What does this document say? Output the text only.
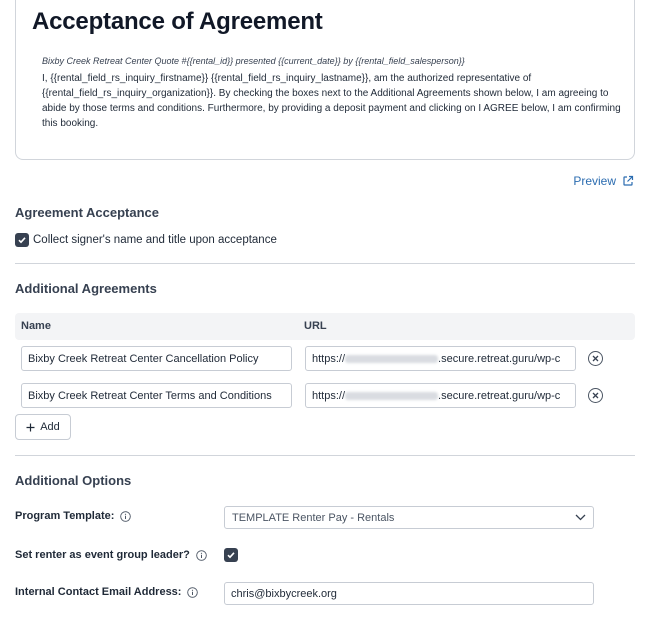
Acceptance of Agreement
Bixby Creek Retreat Center Quote #{{rental_id}} presented {{current_date}} by {{rental_field_salesperson}}
I, {{rental_field_rs_inquiry_firstname}} {{rental_field_rs_inquiry_lastname}}, am the authorized representative of {{rental_field_rs_inquiry_organization}}. By checking the boxes next to the Additional Agreements shown below, I am agreeing to abide by those terms and conditions. Furthermore, by providing a deposit payment and clicking on I AGREE below, I am confirming this booking.
Preview
Agreement Acceptance
Collect signer's name and title upon acceptance
Additional Agreements
Name	URL
Bixby Creek Retreat Center Cancellation Policy	https://	.secure.retreat.guru/wp-c
Bixby Creek Retreat Center Terms and Conditions	https://	.secure.retreat.guru/wp-c
Add
Additional Options
Program Template:	TEMPLATE Renter Pay - Rentals
Set renter as event group leader?
Internal Contact Email Address:	chris@bixbycreek.org
